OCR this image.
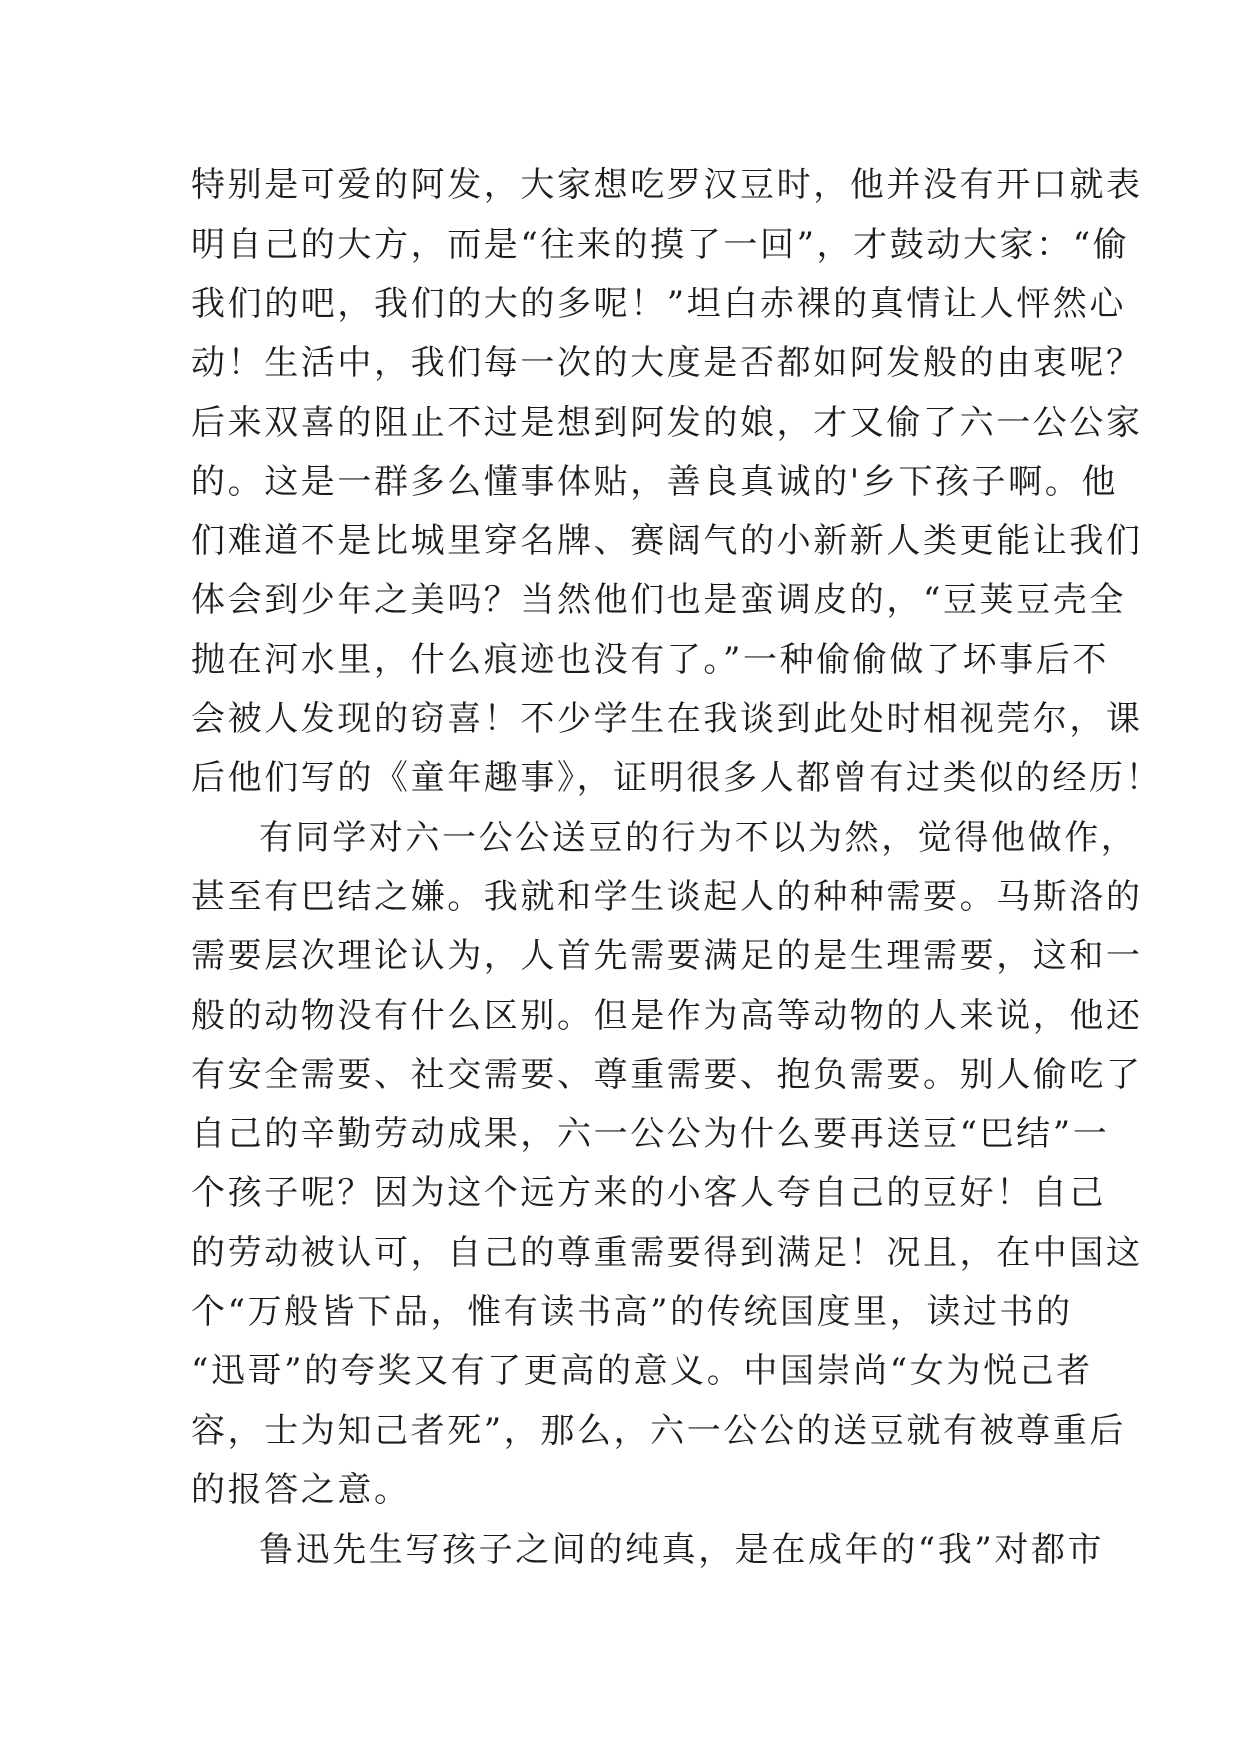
特别是可爱的阿发，大家想吃罗汉豆时，他并没有开口就表
明自己的大方，而是“往来的摸了一回”，才鼓动大家：“偷
我们的吧，我们的大的多呢！”坦白赤裸的真情让人怦然心
动！生活中，我们每一次的大度是否都如阿发般的由衷呢？
后来双喜的阻止不过是想到阿发的娘，才又偷了六一公公家
的。这是一群多么懂事体贴，善良真诚的'乡下孩子啊。他
们难道不是比城里穿名牌、赛阔气的小新新人类更能让我们
体会到少年之美吗？当然他们也是蛮调皮的，“豆荚豆壳全
抛在河水里，什么痕迹也没有了。”一种偷偷做了坏事后不
会被人发现的窃喜！不少学生在我谈到此处时相视莞尔，课
后他们写的《童年趣事》，证明很多人都曾有过类似的经历！
有同学对六一公公送豆的行为不以为然，觉得他做作，
甚至有巴结之嫌。我就和学生谈起人的种种需要。马斯洛的
需要层次理论认为，人首先需要满足的是生理需要，这和一
般的动物没有什么区别。但是作为高等动物的人来说，他还
有安全需要、社交需要、尊重需要、抱负需要。别人偷吃了
自己的辛勤劳动成果，六一公公为什么要再送豆“巴结”一
个孩子呢？因为这个远方来的小客人夸自己的豆好！自己
的劳动被认可，自己的尊重需要得到满足！况且，在中国这
个“万般皆下品，惟有读书高”的传统国度里，读过书的
“迅哥”的夸奖又有了更高的意义。中国崇尚“女为悦己者
容，士为知己者死”，那么，六一公公的送豆就有被尊重后
的报答之意。
鲁迅先生写孩子之间的纯真，是在成年的“我”对都市
